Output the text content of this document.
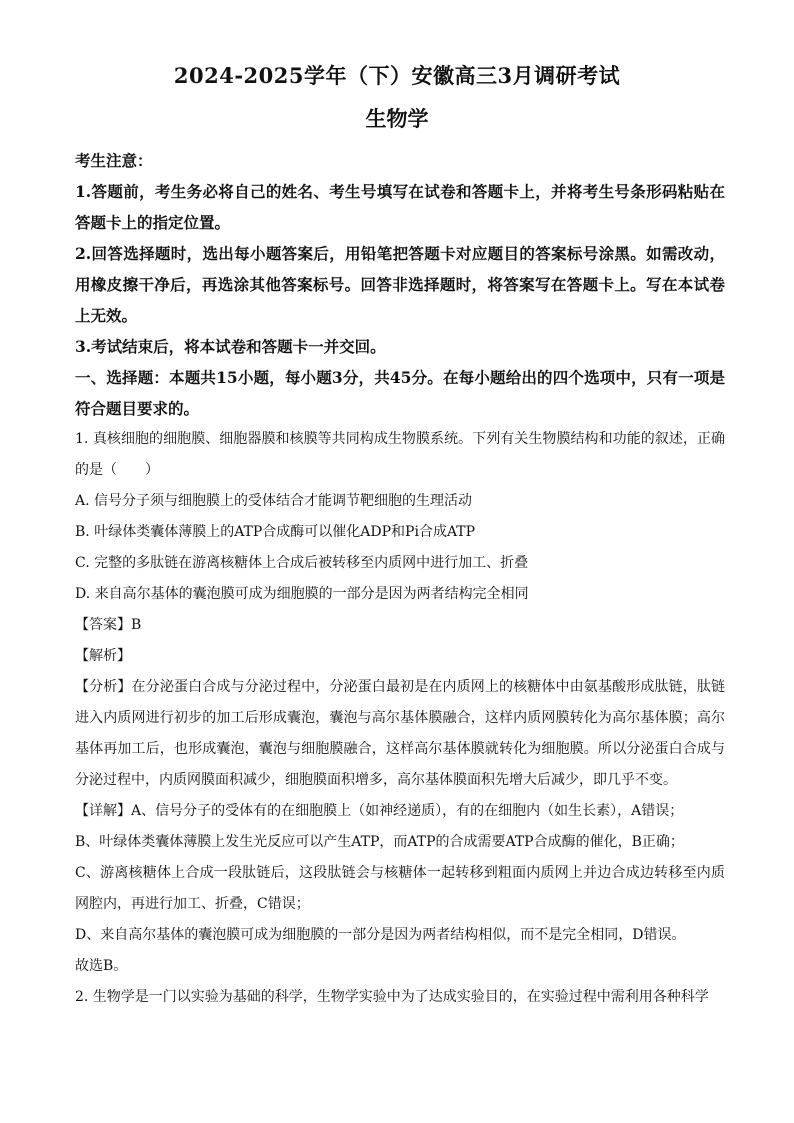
2024-2025学年（下）安徽高三3月调研考试
生物学

考生注意：

1.答题前，考生务必将自己的姓名、考生号填写在试卷和答题卡上，并将考生号条形码粘贴在答题卡上的指定位置。

2.回答选择题时，选出每小题答案后，用铅笔把答题卡对应题目的答案标号涂黑。如需改动，用橡皮擦干净后，再选涂其他答案标号。回答非选择题时，将答案写在答题卡上。写在本试卷上无效。

3.考试结束后，将本试卷和答题卡一并交回。

一、选择题：本题共15小题，每小题3分，共45分。在每小题给出的四个选项中，只有一项是符合题目要求的。

1. 真核细胞的细胞膜、细胞器膜和核膜等共同构成生物膜系统。下列有关生物膜结构和功能的叙述，正确的是（　　）

A. 信号分子须与细胞膜上的受体结合才能调节靶细胞的生理活动

B. 叶绿体类囊体薄膜上的ATP合成酶可以催化ADP和Pi合成ATP

C. 完整的多肽链在游离核糖体上合成后被转移至内质网中进行加工、折叠

D. 来自高尔基体的囊泡膜可成为细胞膜的一部分是因为两者结构完全相同

【答案】B

【解析】

【分析】在分泌蛋白合成与分泌过程中，分泌蛋白最初是在内质网上的核糖体中由氨基酸形成肽链，肽链进入内质网进行初步的加工后形成囊泡，囊泡与高尔基体膜融合，这样内质网膜转化为高尔基体膜；高尔基体再加工后，也形成囊泡，囊泡与细胞膜融合，这样高尔基体膜就转化为细胞膜。所以分泌蛋白合成与分泌过程中，内质网膜面积减少，细胞膜面积增多，高尔基体膜面积先增大后减少，即几乎不变。

【详解】A、信号分子的受体有的在细胞膜上（如神经递质），有的在细胞内（如生长素），A错误；

B、叶绿体类囊体薄膜上发生光反应可以产生ATP，而ATP的合成需要ATP合成酶的催化，B正确；

C、游离核糖体上合成一段肽链后，这段肽链会与核糖体一起转移到粗面内质网上并边合成边转移至内质网腔内，再进行加工、折叠，C错误；

D、来自高尔基体的囊泡膜可成为细胞膜的一部分是因为两者结构相似，而不是完全相同，D错误。

故选B。

2. 生物学是一门以实验为基础的科学，生物学实验中为了达成实验目的，在实验过程中需利用各种科学
